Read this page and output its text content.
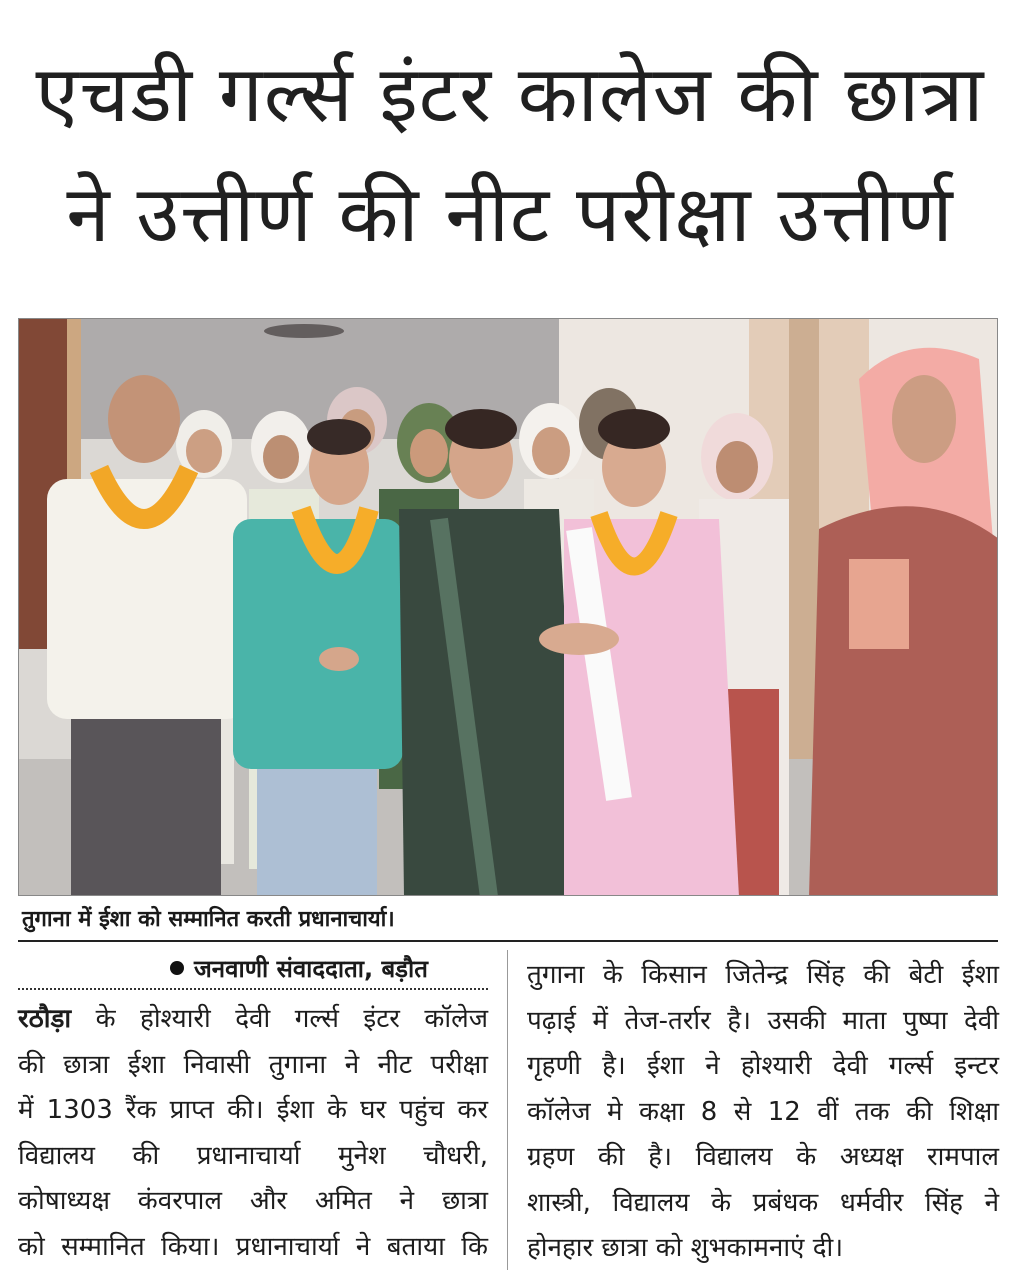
एचडी गर्ल्स इंटर कालेज की छात्रा
ने उत्तीर्ण की नीट परीक्षा उत्तीर्ण
तुगाना में ईशा को सम्मानित करती प्रधानाचार्या।
जनवाणी संवाददाता, बड़ौत
रठौड़ा के होश्यारी देवी गर्ल्स इंटर कॉलेज
की छात्रा ईशा निवासी तुगाना ने नीट परीक्षा
में 1303 रैंक प्राप्त की। ईशा के घर पहुंच कर
विद्यालय की प्रधानाचार्या मुनेश चौधरी,
कोषाध्यक्ष कंवरपाल और अमित ने छात्रा
को सम्मानित किया। प्रधानाचार्या ने बताया कि
तुगाना के किसान जितेन्द्र सिंह की बेटी ईशा
पढ़ाई में तेज-तर्रार है। उसकी माता पुष्पा देवी
गृहणी है। ईशा ने होश्यारी देवी गर्ल्स इन्टर
कॉलेज मे कक्षा 8 से 12 वीं तक की शिक्षा
ग्रहण की है। विद्यालय के अध्यक्ष रामपाल
शास्त्री, विद्यालय के प्रबंधक धर्मवीर सिंह ने
होनहार छात्रा को शुभकामनाएं दी।
